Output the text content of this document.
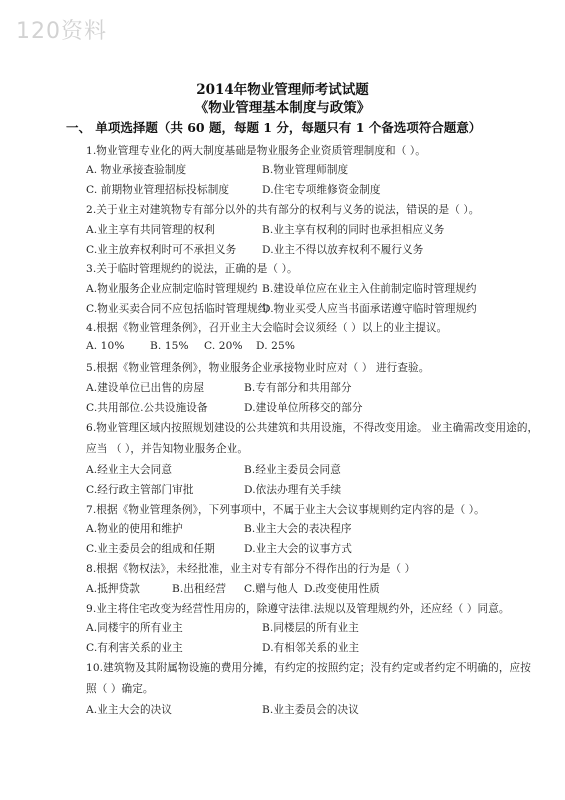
120资料
2014年物业管理师考试试题
《物业管理基本制度与政策》
一、 单项选择题（共 60 题，每题 1 分，每题只有 1 个备选项符合题意）
1.物业管理专业化的两大制度基础是物业服务企业资质管理制度和（ ）。
A. 物业承接查验制度	B.物业管理师制度
C. 前期物业管理招标投标制度	D.住宅专项维修资金制度
2.关于业主对建筑物专有部分以外的共有部分的权利与义务的说法，错误的是（ ）。
A.业主享有共同管理的权利	B.业主享有权利的同时也承担相应义务
C.业主放弃权利时可不承担义务 D.业主不得以放弃权利不履行义务
3.关于临时管理规约的说法，正确的是（ ）。
A.物业服务企业应制定临时管理规约 B.建设单位应在业主入住前制定临时管理规约
C.物业买卖合同不应包括临时管理规约
D.物业买受人应当书面承诺遵守临时管理规约
4.根据《物业管理条例》，召开业主大会临时会议须经（ ）以上的业主提议。
A. 10% B. 15% C. 20% D. 25%
5.根据《物业管理条例》，物业服务企业承接物业时应对（ ） 进行查验。
A.建设单位已出售的房屋	B.专有部分和共用部分
C.共用部位.公共设施设备	D.建设单位所移交的部分
6.物业管理区域内按照规划建设的公共建筑和共用设施，不得改变用途。 业主确需改变用途的，
应当 （ ），并告知物业服务企业。
A.经业主大会同意	B.经业主委员会同意
C.经行政主管部门审批	D.依法办理有关手续
7.根据《物业管理条例》，下列事项中，不属于业主大会议事规则约定内容的是（ ）。
A.物业的使用和维护	B.业主大会的表决程序
C.业主委员会的组成和任期	D.业主大会的议事方式
8.根据《物权法》，未经批准，业主对专有部分不得作出的行为是（ ）
A.抵押贷款	B.出租经营 C.赠与他人 D.改变使用性质
9.业主将住宅改变为经营性用房的，除遵守法律.法规以及管理规约外，还应经（ ）同意。
A.同楼宇的所有业主	B.同楼层的所有业主
C.有利害关系的业主	D.有相邻关系的业主
10.建筑物及其附属物设施的费用分摊，有约定的按照约定；没有约定或者约定不明确的，应按
照（ ）确定。
A.业主大会的决议	B.业主委员会的决议
